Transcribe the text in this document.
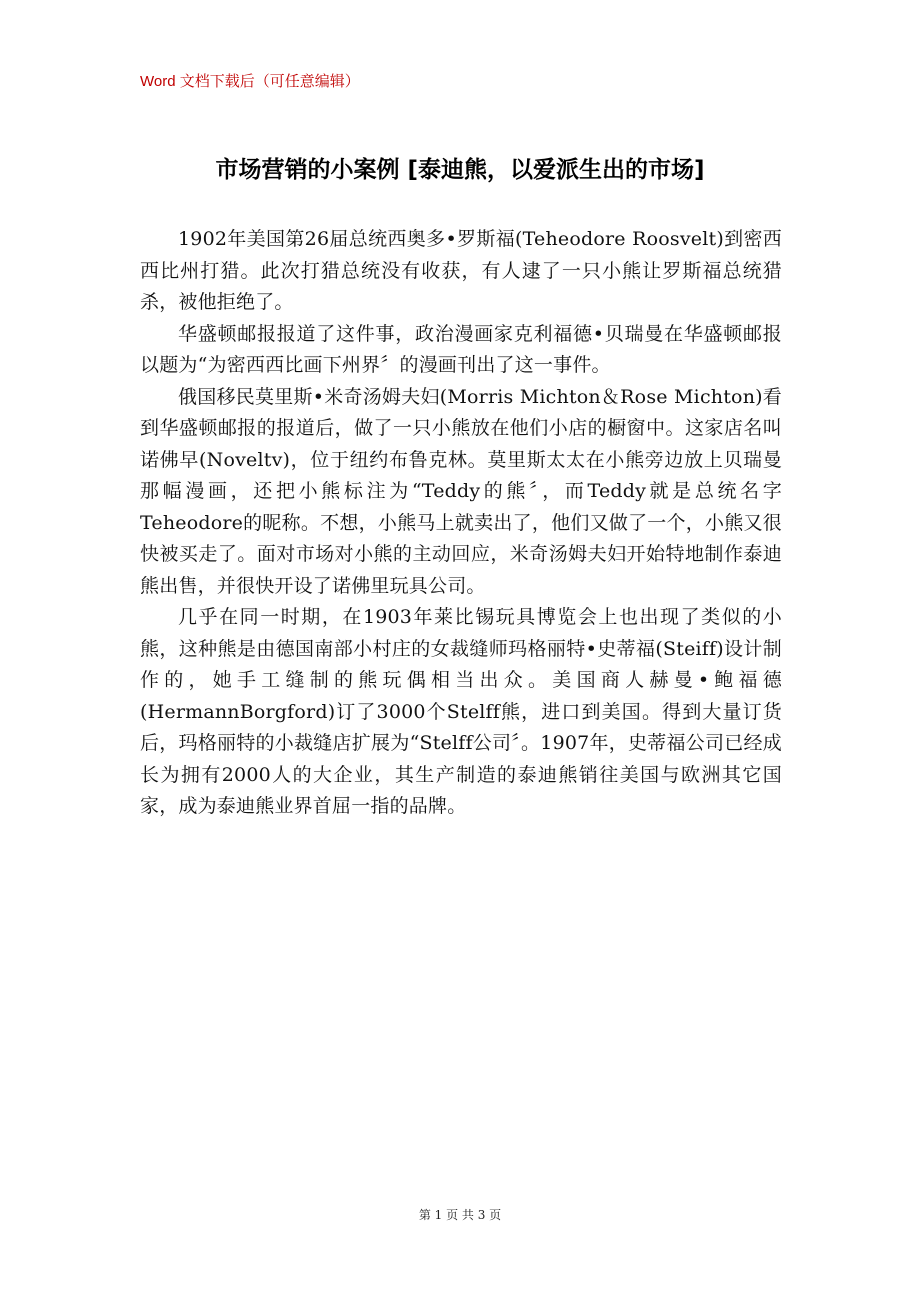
Word 文档下载后（可任意编辑）
市场营销的小案例 [泰迪熊，以爱派生出的市场]

1902年美国第26届总统西奥多•罗斯福(Teheodore Roosvelt)到密西西比州打猎。此次打猎总统没有收获，有人逮了一只小熊让罗斯福总统猎杀，被他拒绝了。

华盛顿邮报报道了这件事，政治漫画家克利福德•贝瑞曼在华盛顿邮报以题为“为密西西比画下州界〞的漫画刊出了这一事件。

俄国移民莫里斯•米奇汤姆夫妇(Morris Michton＆Rose Michton)看到华盛顿邮报的报道后，做了一只小熊放在他们小店的橱窗中。这家店名叫诺佛早(Noveltv)，位于纽约布鲁克林。莫里斯太太在小熊旁边放上贝瑞曼那幅漫画，还把小熊标注为“Teddy的熊〞，而Teddy就是总统名字Teheodore的昵称。不想，小熊马上就卖出了，他们又做了一个，小熊又很快被买走了。面对市场对小熊的主动回应，米奇汤姆夫妇开始特地制作泰迪熊出售，并很快开设了诺佛里玩具公司。

几乎在同一时期，在1903年莱比锡玩具博览会上也出现了类似的小熊，这种熊是由德国南部小村庄的女裁缝师玛格丽特•史蒂福(Steiff)设计制作的，她手工缝制的熊玩偶相当出众。美国商人赫曼•鲍福德(HermannBorgford)订了3000个Stelff熊，进口到美国。得到大量订货后，玛格丽特的小裁缝店扩展为“Stelff公司〞。1907年，史蒂福公司已经成长为拥有2000人的大企业，其生产制造的泰迪熊销往美国与欧洲其它国家，成为泰迪熊业界首屈一指的品牌。

第 1 页 共 3 页
